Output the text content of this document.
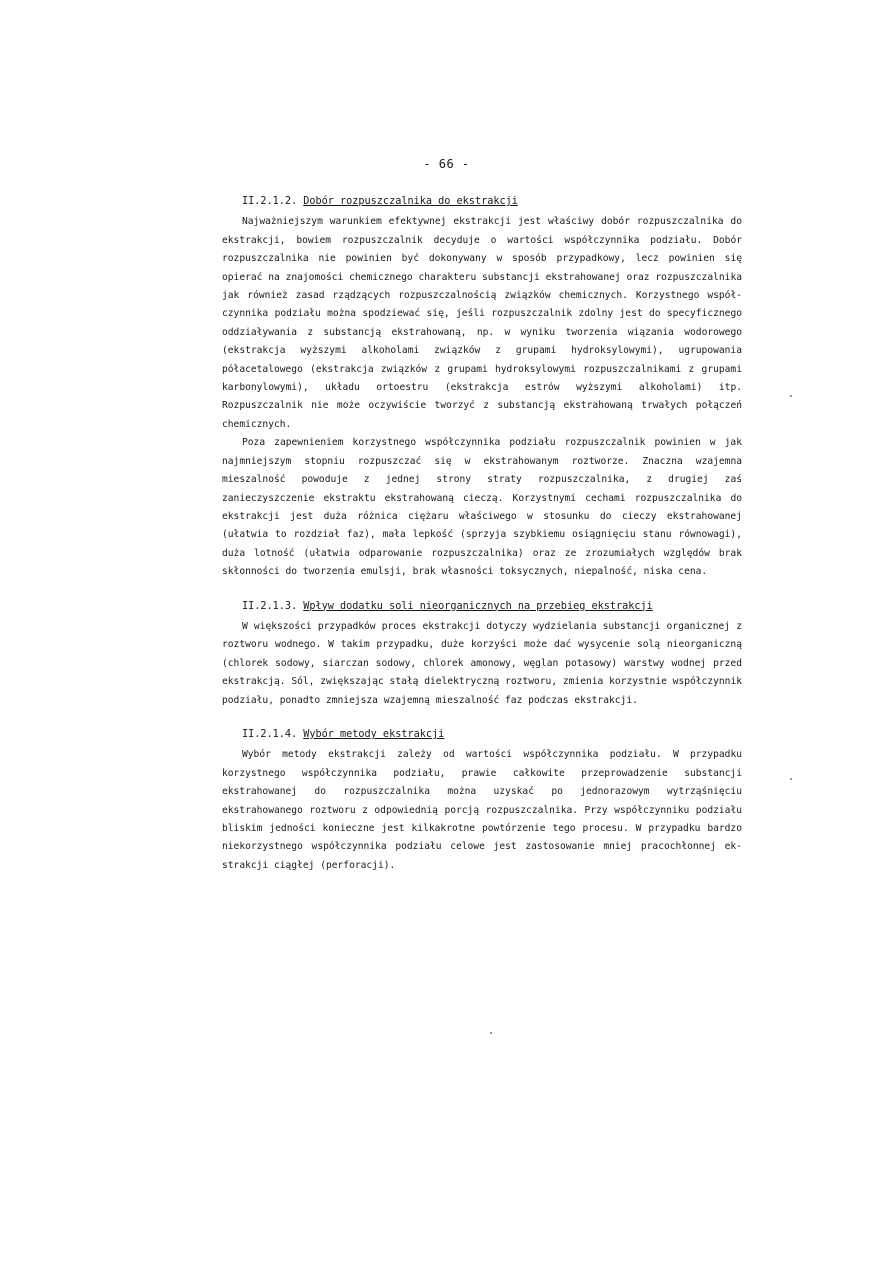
- 66 -

II.2.1.2. Dobór rozpuszczalnika do ekstrakcji

Najważniejszym warunkiem efektywnej ekstrakcji jest właściwy dobór rozpuszczalnika do ekstrakcji, bowiem rozpuszczalnik decyduje o wartości współczynnika podziału. Dobór rozpuszczalnika nie powinien być dokonywany w sposób przypadkowy, lecz powinien się opierać na znajomości chemicznego charakteru substancji ekstrahowanej oraz rozpuszczalnika jak również zasad rządzących rozpuszczalnością związków chemicznych. Korzystnego współczynnika podziału można spodziewać się, jeśli rozpuszczalnik zdolny jest do specyficznego oddziaływania z substancją ekstrahowaną, np. w wyniku tworzenia wiązania wodorowego (ekstrakcja wyższymi alkoholami związków z grupami hydroksylowymi), ugrupowania półacetalowego (ekstrakcja związków z grupami hydroksylowymi rozpuszczalnikami z grupami karbonylowymi), układu ortoestru (ekstrakcja estrów wyższymi alkoholami) itp. Rozpuszczalnik nie może oczywiście tworzyć z substancją ekstrahowaną trwałych połączeń chemicznych.

Poza zapewnieniem korzystnego współczynnika podziału rozpuszczalnik powinien w jak najmniejszym stopniu rozpuszczać się w ekstrahowanym roztworze. Znaczna wzajemna mieszalność powoduje z jednej strony straty rozpuszczalnika, z drugiej zaś zanieczyszczenie ekstraktu ekstrahowaną cieczą. Korzystnymi cechami rozpuszczalnika do ekstrakcji jest duża różnica ciężaru właściwego w stosunku do cieczy ekstrahowanej (ułatwia to rozdział faz), mała lepkość (sprzyja szybkiemu osiągnięciu stanu równowagi), duża lotność (ułatwia odparowanie rozpuszczalnika) oraz ze zrozumiałych względów brak skłonności do tworzenia emulsji, brak własności toksycznych, niepalność, niska cena.

II.2.1.3. Wpływ dodatku soli nieorganicznych na przebieg ekstrakcji

W większości przypadków proces ekstrakcji dotyczy wydzielania substancji organicznej z roztworu wodnego. W takim przypadku, duże korzyści może dać wysycenie solą nieorganiczną (chlorek sodowy, siarczan sodowy, chlorek amonowy, węglan potasowy) warstwy wodnej przed ekstrakcją. Sól, zwiększając stałą dielektryczną roztworu, zmienia korzystnie współczynnik podziału, ponadto zmniejsza wzajemną mieszalność faz podczas ekstrakcji.

II.2.1.4. Wybór metody ekstrakcji

Wybór metody ekstrakcji zależy od wartości współczynnika podziału. W przypadku korzystnego współczynnika podziału, prawie całkowite przeprowadzenie substancji ekstrahowanej do rozpuszczalnika można uzyskać po jednorazowym wytrząśnięciu ekstrahowanego roztworu z odpowiednią porcją rozpuszczalnika. Przy współczynniku podziału bliskim jedności konieczne jest kilkakrotne powtórzenie tego procesu. W przypadku bardzo niekorzystnego współczynnika podziału celowe jest zastosowanie mniej pracochłonnej ekstrakcji ciągłej (perforacji).
